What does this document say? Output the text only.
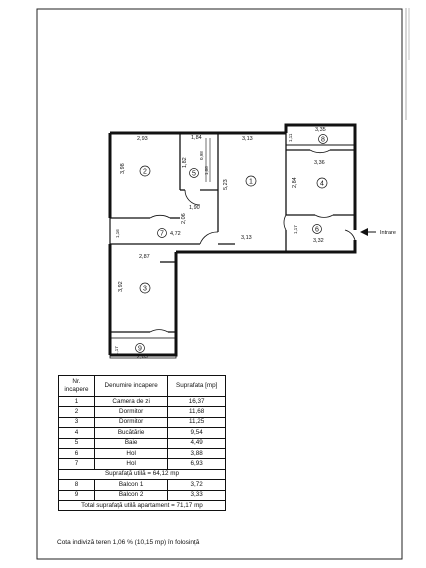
Intrare
2	5
1	4
8
6
7
3
9
2,93
3,98
1,84
1,82
0,98
1,08
1,90
2,06
3,13
5,23
3,13
3,35
2,84
3,36
1,11
1,17
3,32
1,16	4,72
2,87
3,92
1,17
2,85
Nr. incapere	Denumire incapere	Suprafata [mp]
1	Camera de zi	16,37
2	Dormitor	11,68
3	Dormitor	11,25
4	Bucătărie	9,54
5	Baie	4,49
6	Hol	3,88
7	Hol	6,93
Suprafață utilă = 64,12 mp		
8	Balcon 1	3,72
9	Balcon 2	3,33
Total suprafață utilă apartament = 71,17 mp		
Cota indiviză teren 1,06 % (10,15 mp) în folosință
